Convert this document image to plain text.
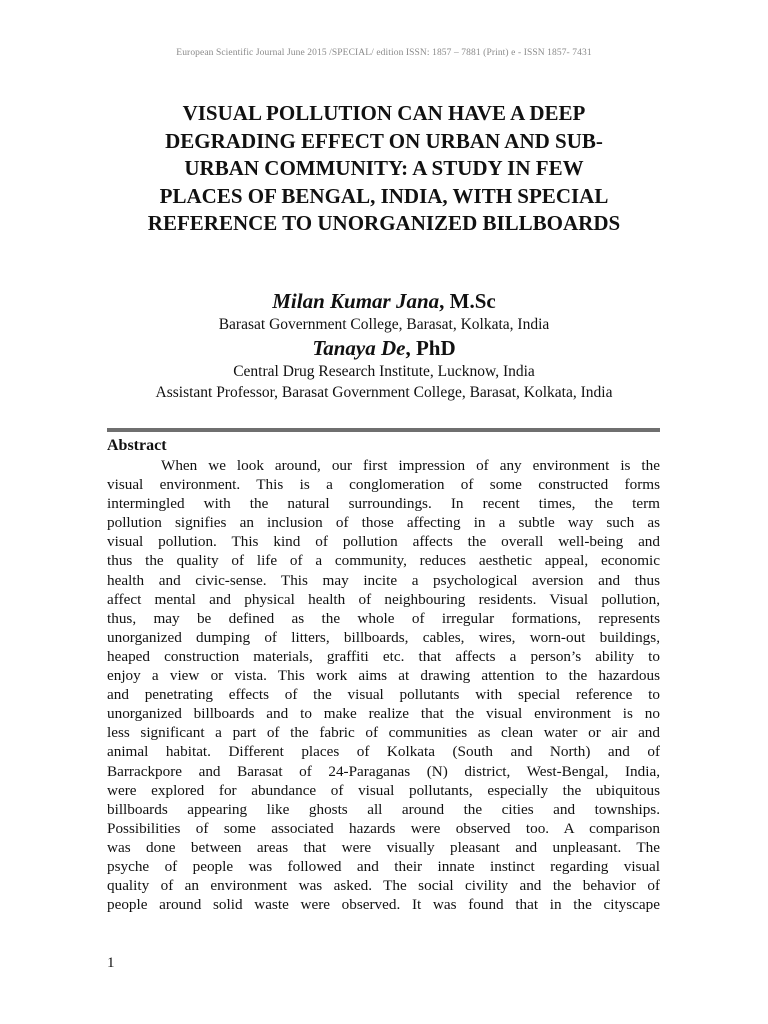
European Scientific Journal June 2015 /SPECIAL/ edition ISSN: 1857 – 7881 (Print) e - ISSN 1857- 7431
VISUAL POLLUTION CAN HAVE A DEEP
DEGRADING EFFECT ON URBAN AND SUB-
URBAN COMMUNITY: A STUDY IN FEW
PLACES OF BENGAL, INDIA, WITH SPECIAL
REFERENCE TO UNORGANIZED BILLBOARDS
Milan Kumar Jana, M.Sc
Barasat Government College, Barasat, Kolkata, India
Tanaya De, PhD
Central Drug Research Institute, Lucknow, India
Assistant Professor, Barasat Government College, Barasat, Kolkata, India
Abstract

When we look around, our first impression of any environment is the
visual environment. This is a conglomeration of some constructed forms
intermingled with the natural surroundings. In recent times, the term
pollution signifies an inclusion of those affecting in a subtle way such as
visual pollution. This kind of pollution affects the overall well-being and
thus the quality of life of a community, reduces aesthetic appeal, economic
health and civic-sense. This may incite a psychological aversion and thus
affect mental and physical health of neighbouring residents. Visual pollution,
thus, may be defined as the whole of irregular formations, represents
unorganized dumping of litters, billboards, cables, wires, worn-out buildings,
heaped construction materials, graffiti etc. that affects a person’s ability to
enjoy a view or vista. This work aims at drawing attention to the hazardous
and penetrating effects of the visual pollutants with special reference to
unorganized billboards and to make realize that the visual environment is no
less significant a part of the fabric of communities as clean water or air and
animal habitat. Different places of Kolkata (South and North) and of
Barrackpore and Barasat of 24-Paraganas (N) district, West-Bengal, India,
were explored for abundance of visual pollutants, especially the ubiquitous
billboards appearing like ghosts all around the cities and townships.
Possibilities of some associated hazards were observed too. A comparison
was done between areas that were visually pleasant and unpleasant. The
psyche of people was followed and their innate instinct regarding visual
quality of an environment was asked. The social civility and the behavior of
people around solid waste were observed. It was found that in the cityscape

1
